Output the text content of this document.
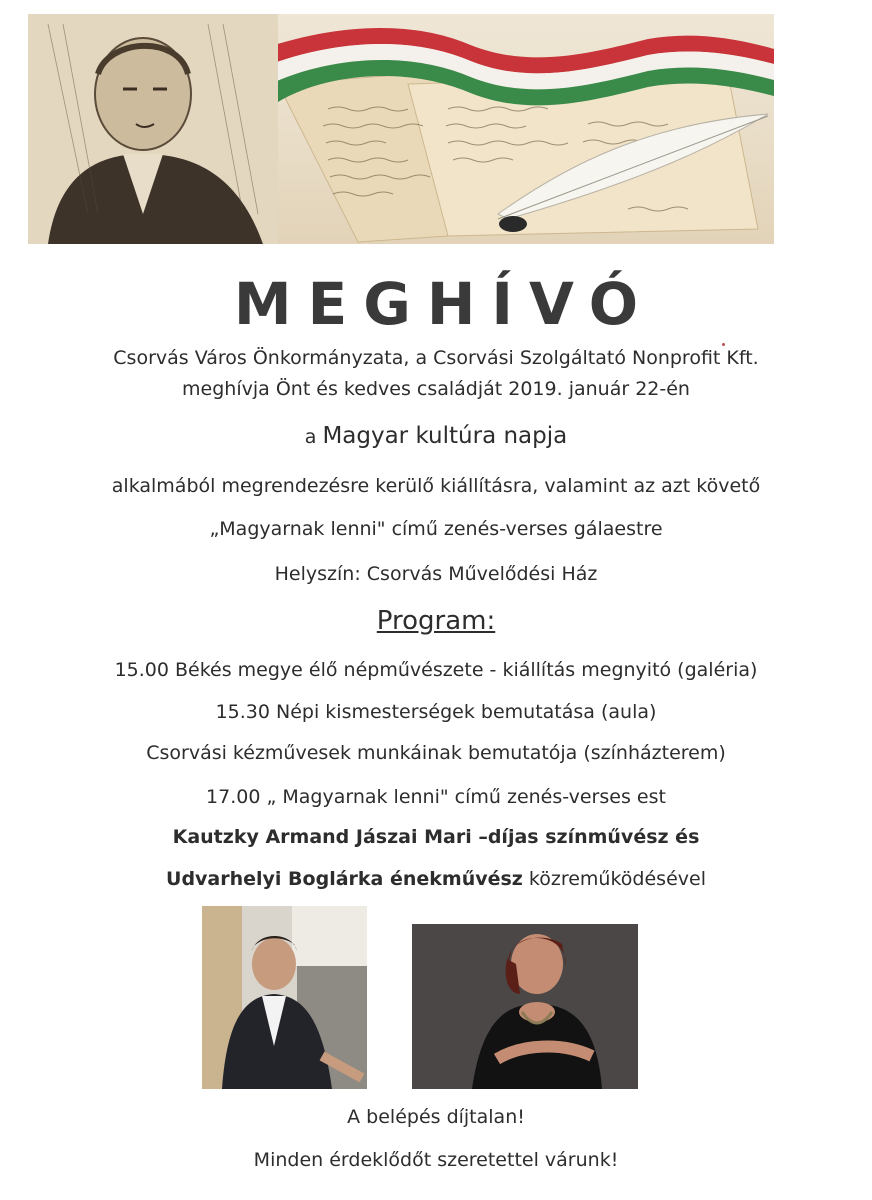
MEGHÍVÓ
Csorvás Város Önkormányzata, a Csorvási Szolgáltató Nonprofit Kft.
meghívja Önt és kedves családját 2019. január 22-én
a Magyar kultúra napja
alkalmából megrendezésre kerülő kiállításra, valamint az azt követő
„Magyarnak lenni" című zenés-verses gálaestre
Helyszín: Csorvás Művelődési Ház
Program:
15.00 Békés megye élő népművészete - kiállítás megnyitó (galéria)
15.30 Népi kismesterségek bemutatása (aula)
Csorvási kézművesek munkáinak bemutatója (színházterem)
17.00 „ Magyarnak lenni" című zenés-verses est
Kautzky Armand Jászai Mari –díjas színművész és
Udvarhelyi Boglárka énekművész közreműködésével
A belépés díjtalan!
Minden érdeklődőt szeretettel várunk!
